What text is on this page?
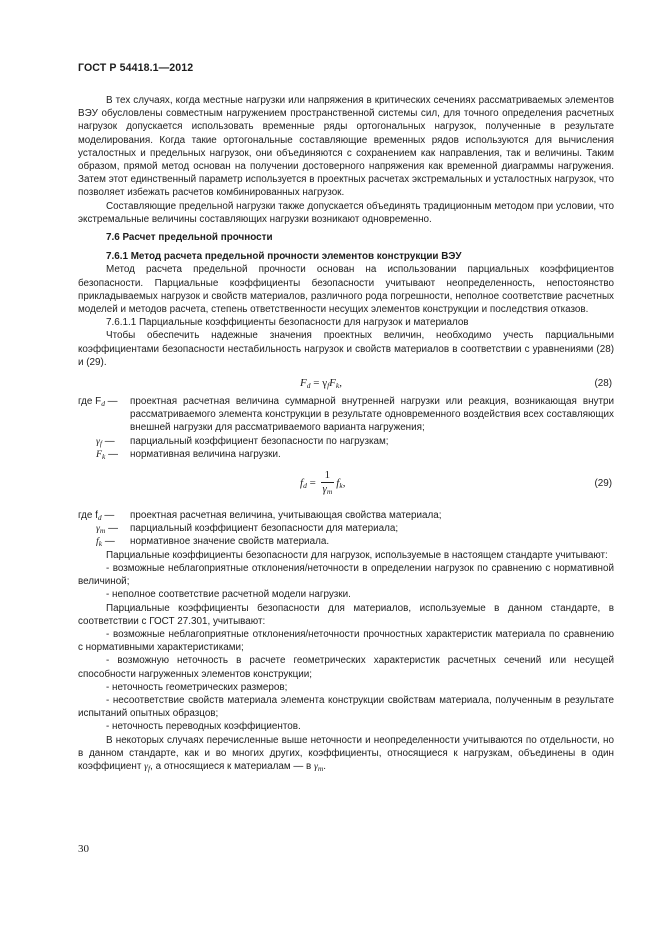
ГОСТ Р 54418.1—2012

В тех случаях, когда местные нагрузки или напряжения в критических сечениях рассматриваемых элементов ВЭУ обусловлены совместным нагружением пространственной системы сил, для точного определения расчетных нагрузок допускается использовать временные ряды ортогональных нагрузок, полученные в результате моделирования. Когда такие ортогональные составляющие временных рядов используются для вычисления усталостных и предельных нагрузок, они объединяются с сохранением как направления, так и величины. Таким образом, прямой метод основан на получении достоверного напряжения как временной диаграммы нагружения. Затем этот единственный параметр используется в проектных расчетах экстремальных и усталостных нагрузок, что позволяет избежать расчетов комбинированных нагрузок.

Составляющие предельной нагрузки также допускается объединять традиционным методом при условии, что экстремальные величины составляющих нагрузки возникают одновременно.

7.6 Расчет предельной прочности

7.6.1 Метод расчета предельной прочности элементов конструкции ВЭУ

Метод расчета предельной прочности основан на использовании парциальных коэффициентов безопасности. Парциальные коэффициенты безопасности учитывают неопределенность, непостоянство прикладываемых нагрузок и свойств материалов, различного рода погрешности, неполное соответствие расчетных моделей и методов расчета, степень ответственности несущих элементов конструкции и последствия отказов.

7.6.1.1 Парциальные коэффициенты безопасности для нагрузок и материалов

Чтобы обеспечить надежные значения проектных величин, необходимо учесть парциальными коэффициентами безопасности нестабильность нагрузок и свойств материалов в соответствии с уравнениями (28) и (29).

$F_d = \gamma_fF_k$,	(28)
где $F_d$ —	проектная расчетная величина суммарной внутренней нагрузки или реакция, возникающая внутри рассматриваемого элемента конструкции в результате одновременного воздействия всех составляющих внешней нагрузки для рассматриваемого варианта нагружения;
$\gamma_f$ —	парциальный коэффициент безопасности по нагрузкам;
$F_k$ —	нормативная величина нагрузки.
$f_d = \frac{1}{\gamma_m} f_k$,	(29)
где $f_d$ —	проектная расчетная величина, учитывающая свойства материала;
$\gamma_m$ —	парциальный коэффициент безопасности для материала;
$f_k$ —	нормативное значение свойств материала.

Парциальные коэффициенты безопасности для нагрузок, используемые в настоящем стандарте учитывают:

- возможные неблагоприятные отклонения/неточности в определении нагрузок по сравнению с нормативной величиной;

- неполное соответствие расчетной модели нагрузки.

Парциальные коэффициенты безопасности для материалов, используемые в данном стандарте, в соответствии с ГОСТ 27.301, учитывают:

- возможные неблагоприятные отклонения/неточности прочностных характеристик материала по сравнению с нормативными характеристиками;

- возможную неточность в расчете геометрических характеристик расчетных сечений или несущей способности нагруженных элементов конструкции;

- неточность геометрических размеров;

- несоответствие свойств материала элемента конструкции свойствам материала, полученным в результате испытаний опытных образцов;

- неточность переводных коэффициентов.

В некоторых случаях перечисленные выше неточности и неопределенности учитываются по отдельности, но в данном стандарте, как и во многих других, коэффициенты, относящиеся к нагрузкам, объединены в один коэффициент $\gamma_f$, а относящиеся к материалам — в $\gamma_m$.

30
